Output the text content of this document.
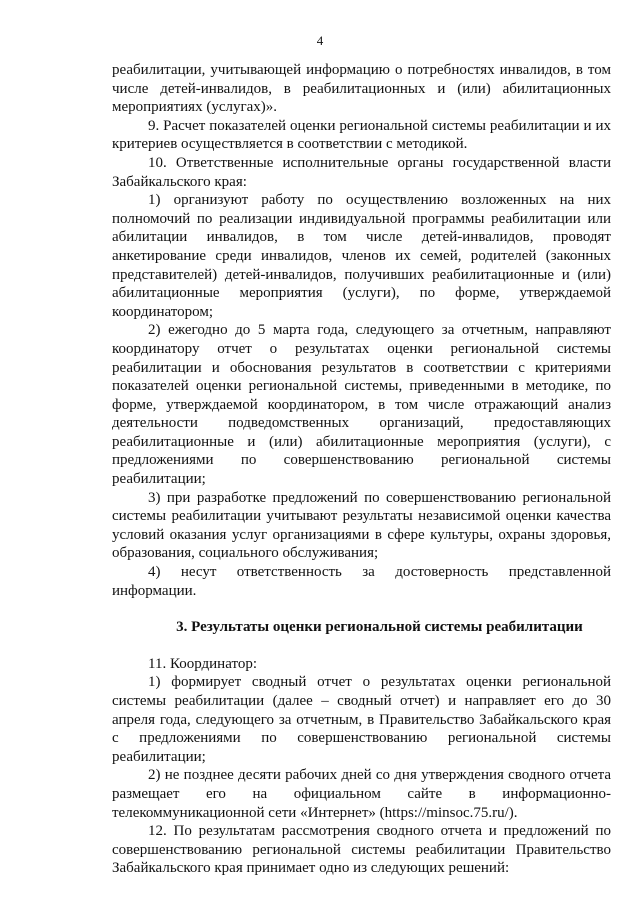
4

реабилитации, учитывающей информацию о потребностях инвалидов, в том числе детей-инвалидов, в реабилитационных и (или) абилитационных мероприятиях (услугах)».

9. Расчет показателей оценки региональной системы реабилитации и их критериев осуществляется в соответствии с методикой.

10. Ответственные исполнительные органы государственной власти Забайкальского края:

1) организуют работу по осуществлению возложенных на них полномочий по реализации индивидуальной программы реабилитации или абилитации инвалидов, в том числе детей-инвалидов, проводят анкетирование среди инвалидов, членов их семей, родителей (законных представителей) детей-инвалидов, получивших реабилитационные и (или) абилитационные мероприятия (услуги), по форме, утверждаемой координатором;

2) ежегодно до 5 марта года, следующего за отчетным, направляют координатору отчет о результатах оценки региональной системы реабилитации и обоснования результатов в соответствии с критериями показателей оценки региональной системы, приведенными в методике, по форме, утверждаемой координатором, в том числе отражающий анализ деятельности подведомственных организаций, предоставляющих реабилитационные и (или) абилитационные мероприятия (услуги), с предложениями по совершенствованию региональной системы реабилитации;

3) при разработке предложений по совершенствованию региональной системы реабилитации учитывают результаты независимой оценки качества условий оказания услуг организациями в сфере культуры, охраны здоровья, образования, социального обслуживания;

4) несут ответственность за достоверность представленной информации.

3. Результаты оценки региональной системы реабилитации

11. Координатор:

1) формирует сводный отчет о результатах оценки региональной системы реабилитации (далее – сводный отчет) и направляет его до 30 апреля года, следующего за отчетным, в Правительство Забайкальского края с предложениями по совершенствованию региональной системы реабилитации;

2) не позднее десяти рабочих дней со дня утверждения сводного отчета размещает его на официальном сайте в информационно-телекоммуникационной сети «Интернет» (https://minsoc.75.ru/).

12. По результатам рассмотрения сводного отчета и предложений по совершенствованию региональной системы реабилитации Правительство Забайкальского края принимает одно из следующих решений:
